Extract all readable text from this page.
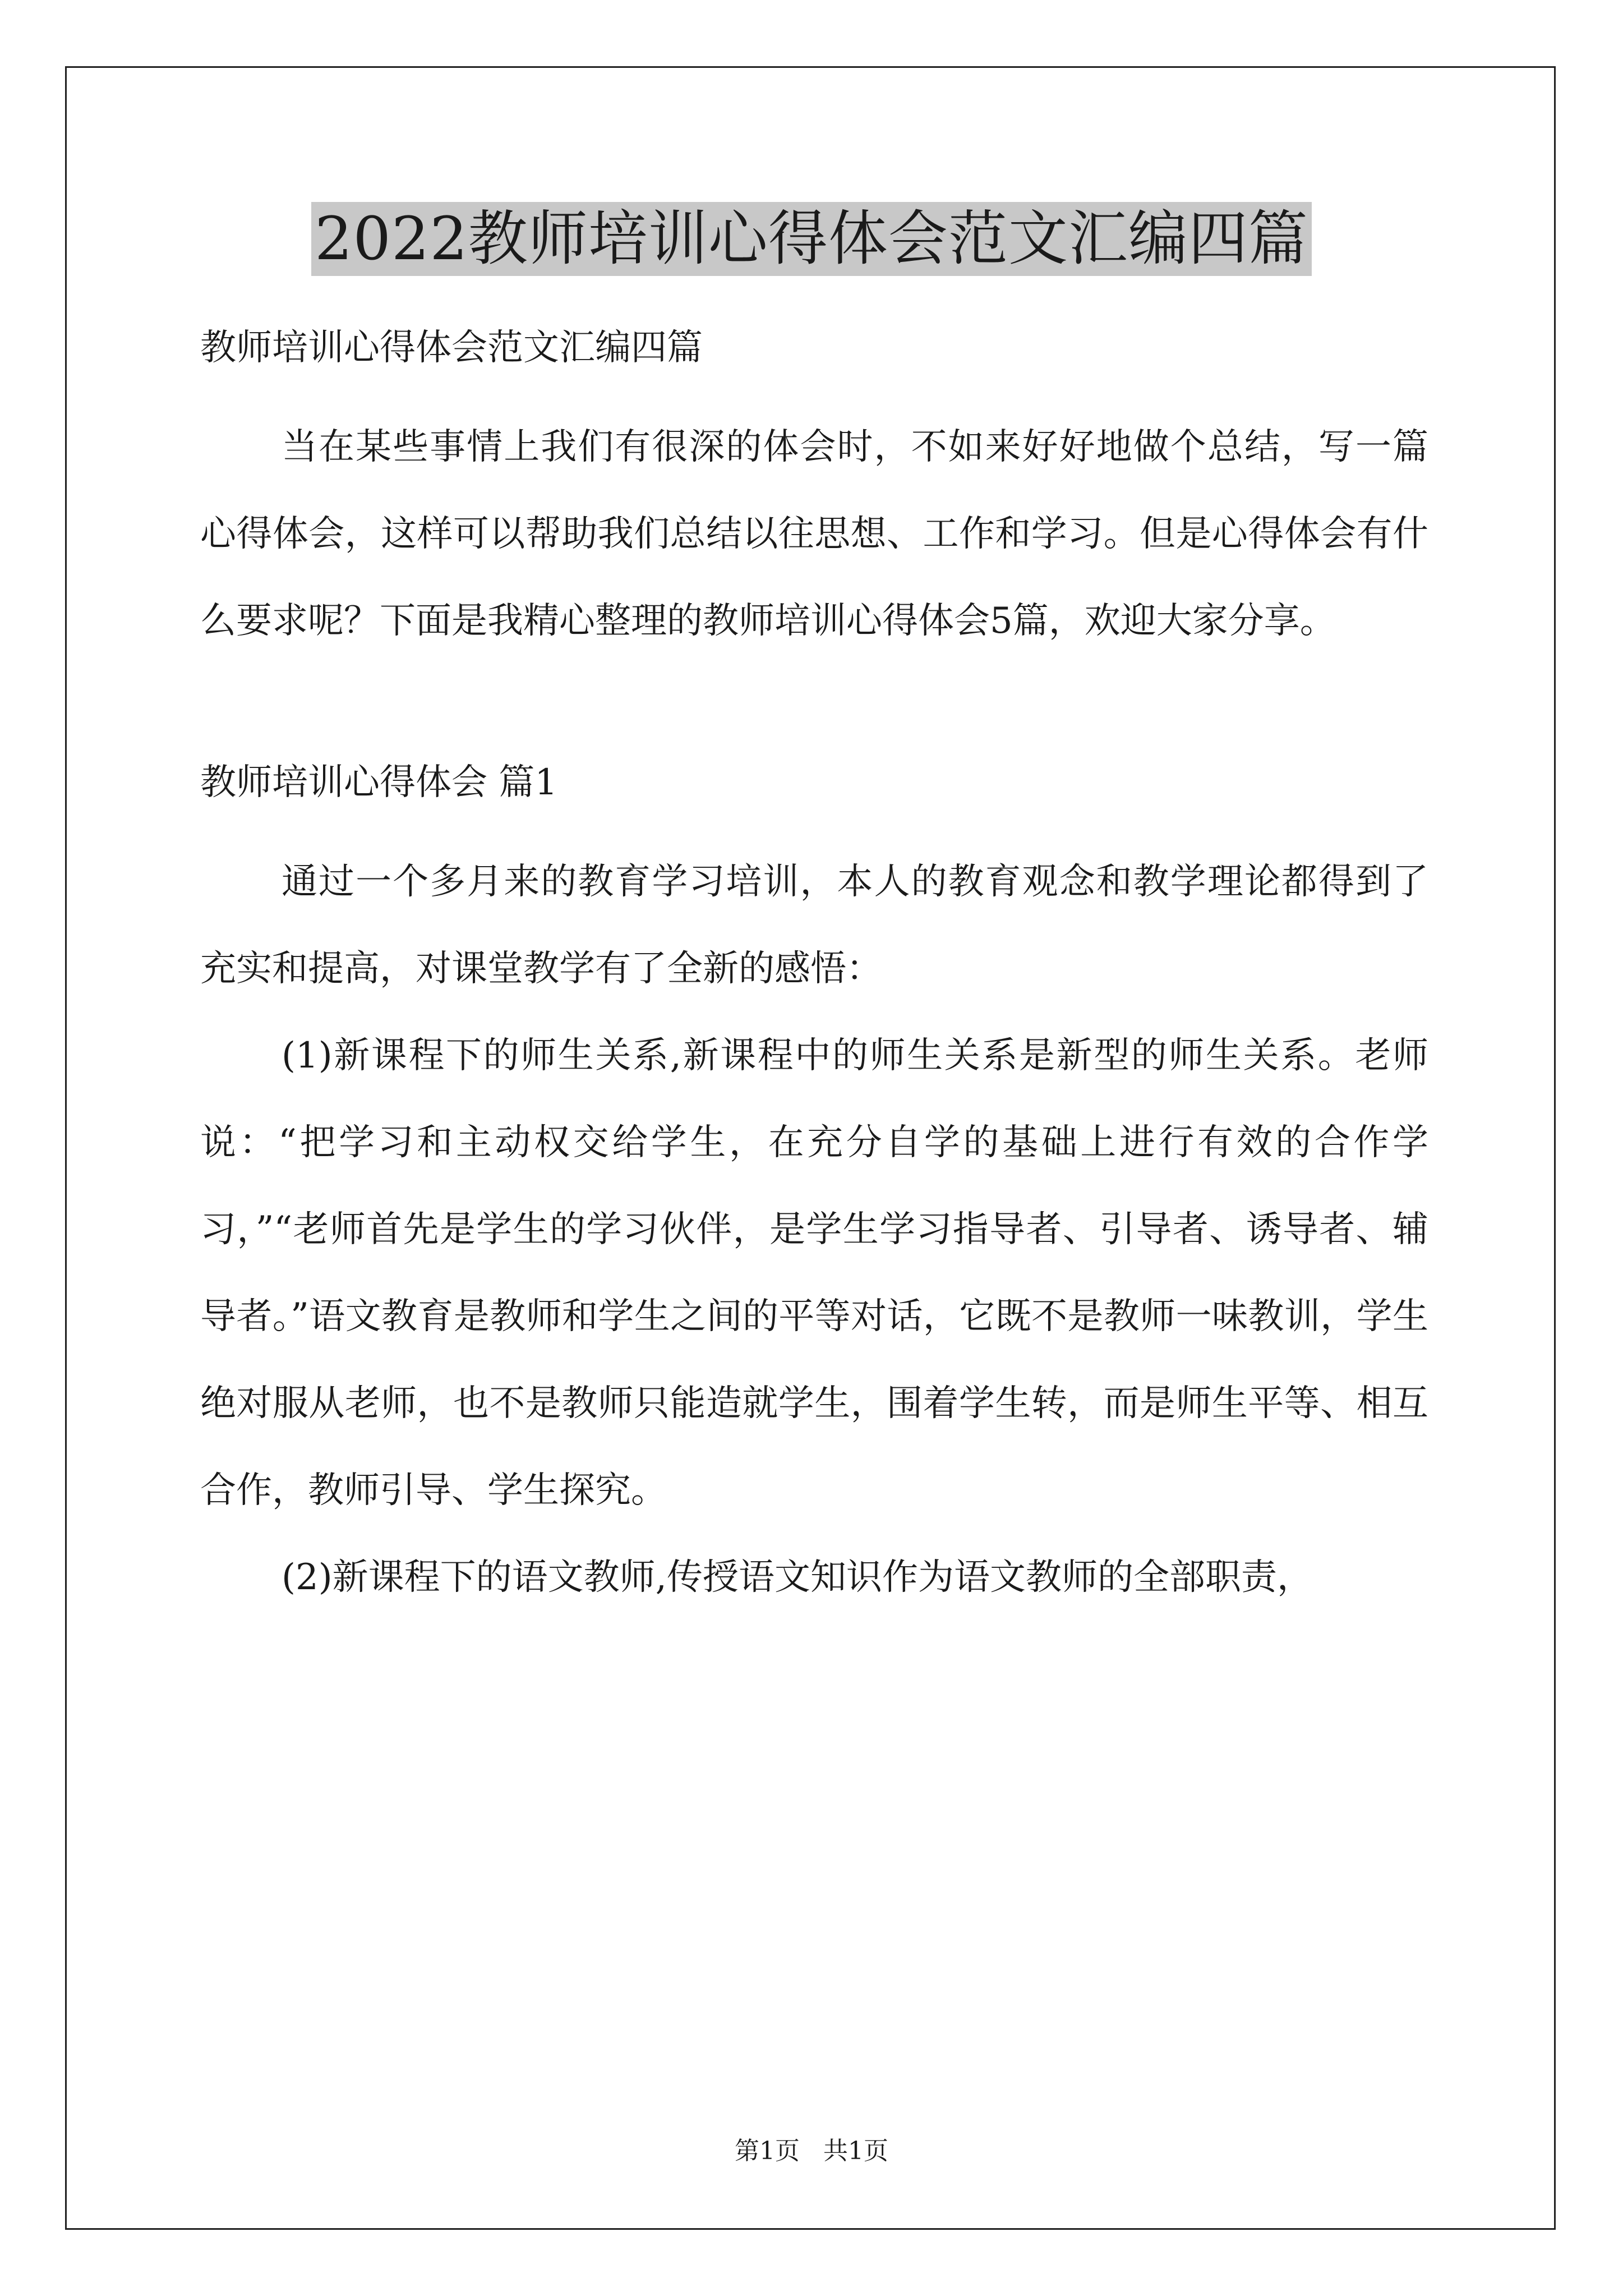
2022教师培训心得体会范文汇编四篇

教师培训心得体会范文汇编四篇

当在某些事情上我们有很深的体会时，不如来好好地做个总结，写一篇心得体会，这样可以帮助我们总结以往思想、工作和学习。但是心得体会有什么要求呢？下面是我精心整理的教师培训心得体会5篇，欢迎大家分享。

教师培训心得体会 篇1

通过一个多月来的教育学习培训，本人的教育观念和教学理论都得到了充实和提高，对课堂教学有了全新的感悟：

(1)新课程下的师生关系,新课程中的师生关系是新型的师生关系。老师说：“把学习和主动权交给学生，在充分自学的基础上进行有效的合作学习，”“老师首先是学生的学习伙伴，是学生学习指导者、引导者、诱导者、辅导者。”语文教育是教师和学生之间的平等对话，它既不是教师一味教训，学生绝对服从老师，也不是教师只能造就学生，围着学生转，而是师生平等、相互合作，教师引导、学生探究。

(2)新课程下的语文教师,传授语文知识作为语文教师的全部职责，

第1页 共1页
